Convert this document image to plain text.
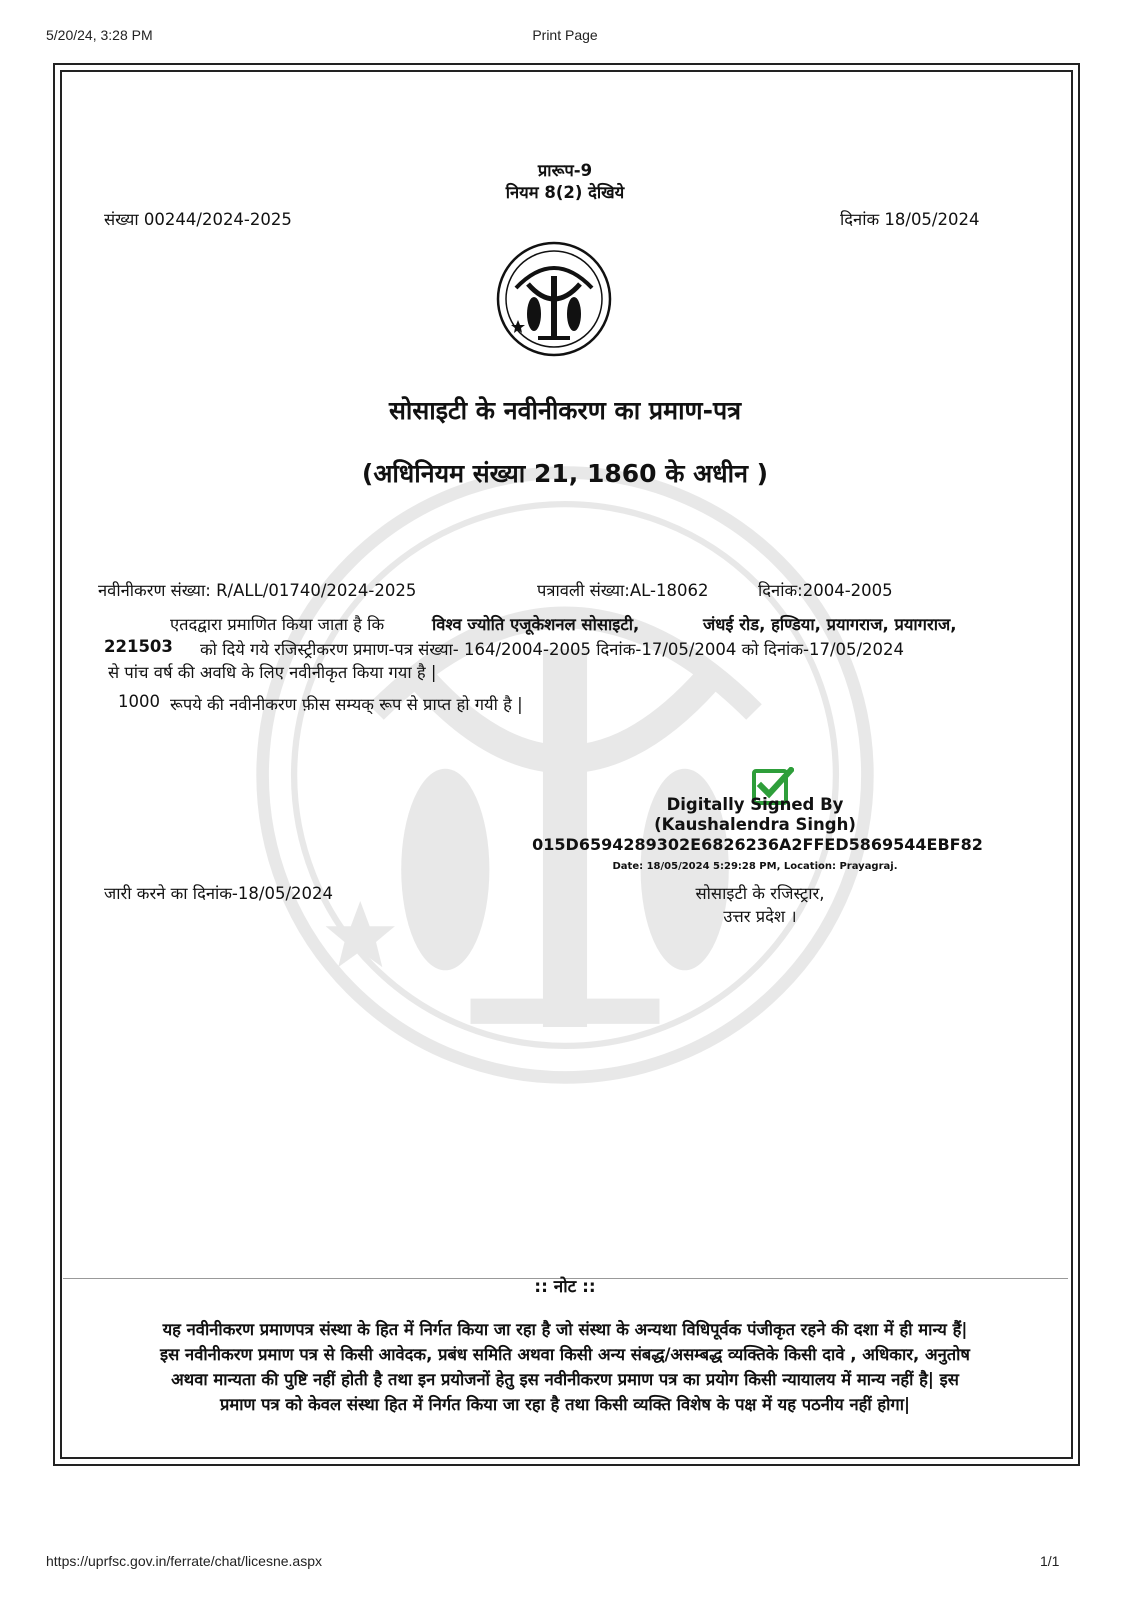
5/20/24, 3:28 PM	Print Page
प्रारूप-9
नियम 8(2) देखिये
संख्या 00244/2024-2025	दिनांक 18/05/2024
सोसाइटी के नवीनीकरण का प्रमाण-पत्र
(अधिनियम संख्या 21, 1860 के अधीन )
नवीनीकरण संख्या: R/ALL/01740/2024-2025	पत्रावली संख्या:AL-18062	दिनांक:2004-2005
एतदद्वारा प्रमाणित किया जाता है कि	विश्व ज्योति एजूकेशनल सोसाइटी,	जंधई रोड, हण्डिया, प्रयागराज, प्रयागराज,
221503 को दिये गये रजिस्ट्रीकरण प्रमाण-पत्र संख्या- 164/2004-2005 दिनांक-17/05/2004 को दिनांक-17/05/2024
से पांच वर्ष की अवधि के लिए नवीनीकृत किया गया है |
1000 रूपये की नवीनीकरण फ़ीस सम्यक् रूप से प्राप्त हो गयी है |
Digitally Signed By
(Kaushalendra Singh)
015D6594289302E6826236A2FFED5869544EBF82
Date: 18/05/2024 5:29:28 PM, Location: Prayagraj.
जारी करने का दिनांक-18/05/2024	सोसाइटी के रजिस्ट्रार,
उत्तर प्रदेश ।
:: नोट ::
यह नवीनीकरण प्रमाणपत्र संस्था के हित में निर्गत किया जा रहा है जो संस्था के अन्यथा विधिपूर्वक पंजीकृत रहने की दशा में ही मान्य हैं|
इस नवीनीकरण प्रमाण पत्र से किसी आवेदक, प्रबंध समिति अथवा किसी अन्य संबद्ध/असम्बद्ध व्यक्तिके किसी दावे , अधिकार, अनुतोष
अथवा मान्यता की पुष्टि नहीं होती है तथा इन प्रयोजनों हेतु इस नवीनीकरण प्रमाण पत्र का प्रयोग किसी न्यायालय में मान्य नहीं है| इस
प्रमाण पत्र को केवल संस्था हित में निर्गत किया जा रहा है तथा किसी व्यक्ति विशेष के पक्ष में यह पठनीय नहीं होगा|
https://uprfsc.gov.in/ferrate/chat/licesne.aspx	1/1
